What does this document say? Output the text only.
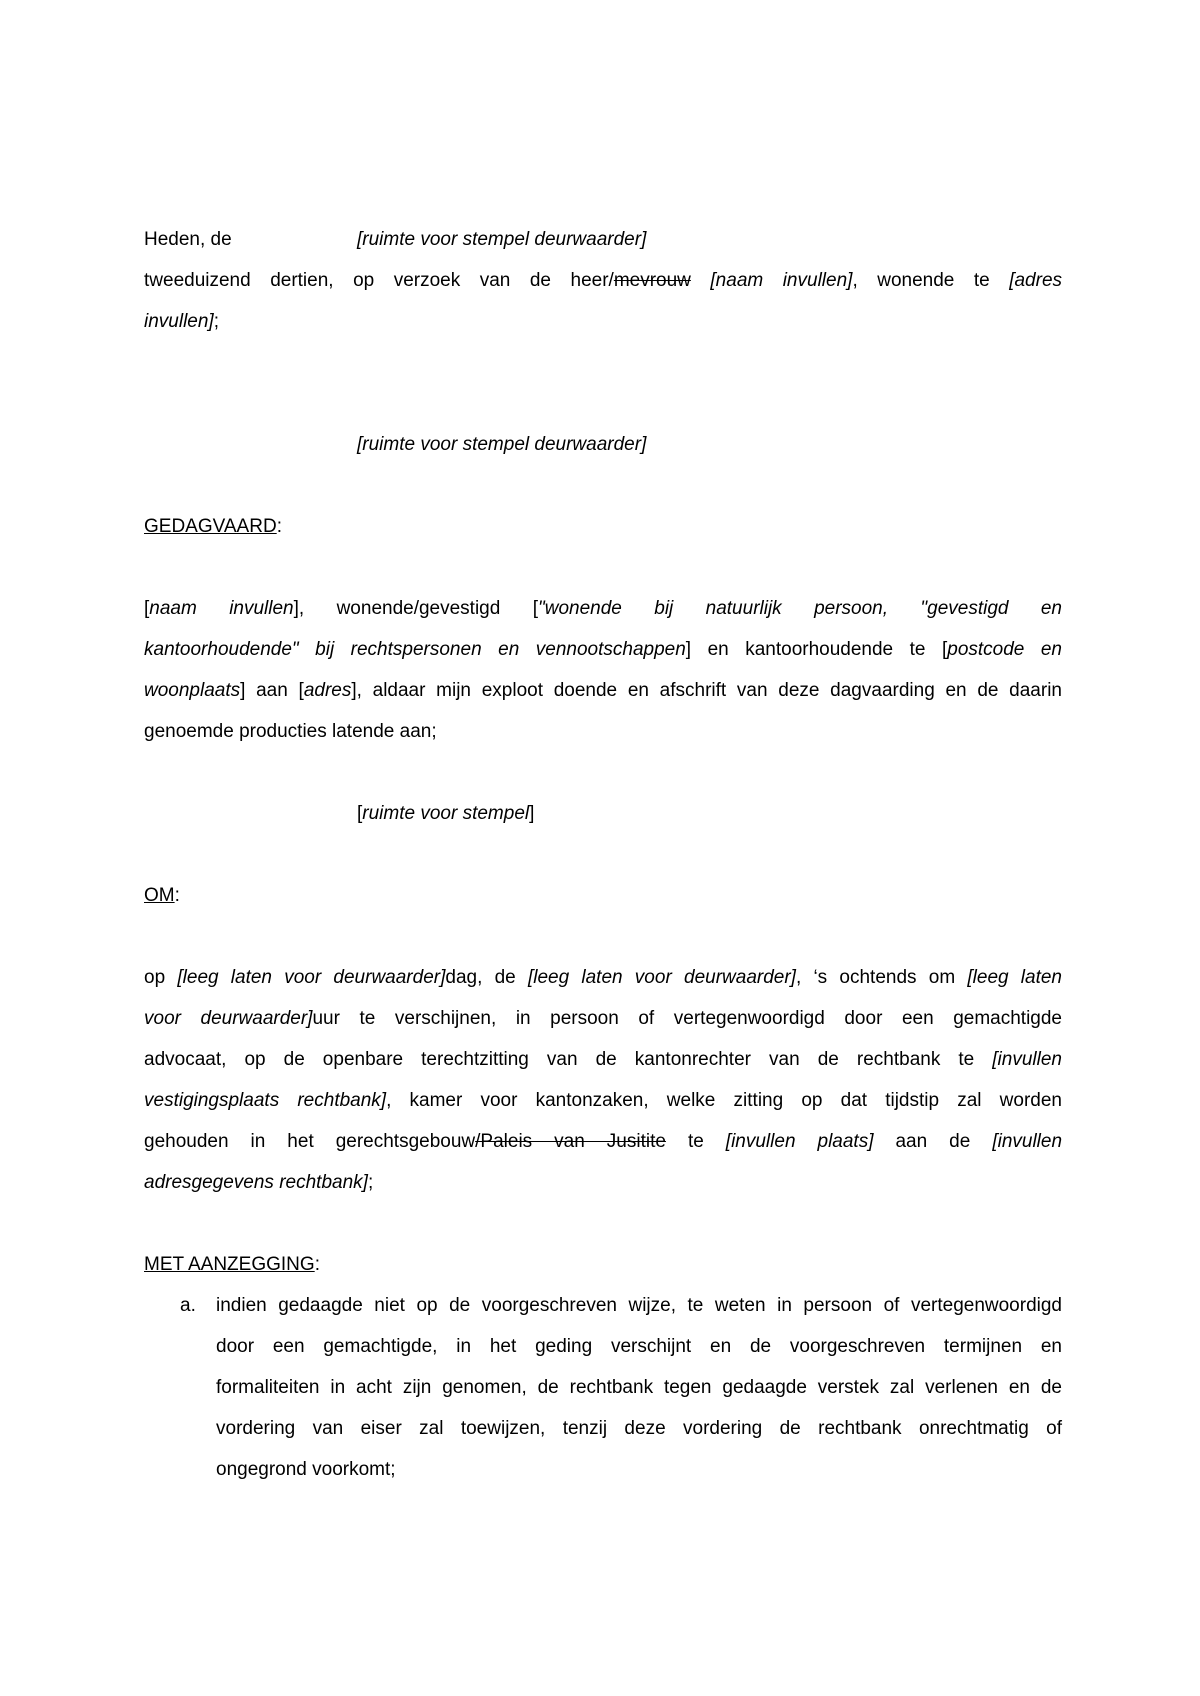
Heden, de	[ruimte voor stempel deurwaarder]
tweeduizend dertien, op verzoek van de heer/mevrouw [naam invullen], wonende te [adres
invullen];
[ruimte voor stempel deurwaarder]
GEDAGVAARD:
[naam invullen], wonende/gevestigd ["wonende bij natuurlijk persoon, "gevestigd en
kantoorhoudende" bij rechtspersonen en vennootschappen] en kantoorhoudende te [postcode en
woonplaats] aan [adres], aldaar mijn exploot doende en afschrift van deze dagvaarding en de daarin
genoemde producties latende aan;
[ruimte voor stempel]
OM:
op [leeg laten voor deurwaarder]dag, de [leeg laten voor deurwaarder], ‘s ochtends om [leeg laten
voor deurwaarder]uur te verschijnen, in persoon of vertegenwoordigd door een gemachtigde
advocaat, op de openbare terechtzitting van de kantonrechter van de rechtbank te [invullen
vestigingsplaats rechtbank], kamer voor kantonzaken, welke zitting op dat tijdstip zal worden
gehouden in het gerechtsgebouw/Paleis van Jusitite te [invullen plaats] aan de [invullen
adresgegevens rechtbank];
MET AANZEGGING:
a. indien gedaagde niet op de voorgeschreven wijze, te weten in persoon of vertegenwoordigd
door een gemachtigde, in het geding verschijnt en de voorgeschreven termijnen en
formaliteiten in acht zijn genomen, de rechtbank tegen gedaagde verstek zal verlenen en de
vordering van eiser zal toewijzen, tenzij deze vordering de rechtbank onrechtmatig of
ongegrond voorkomt;
